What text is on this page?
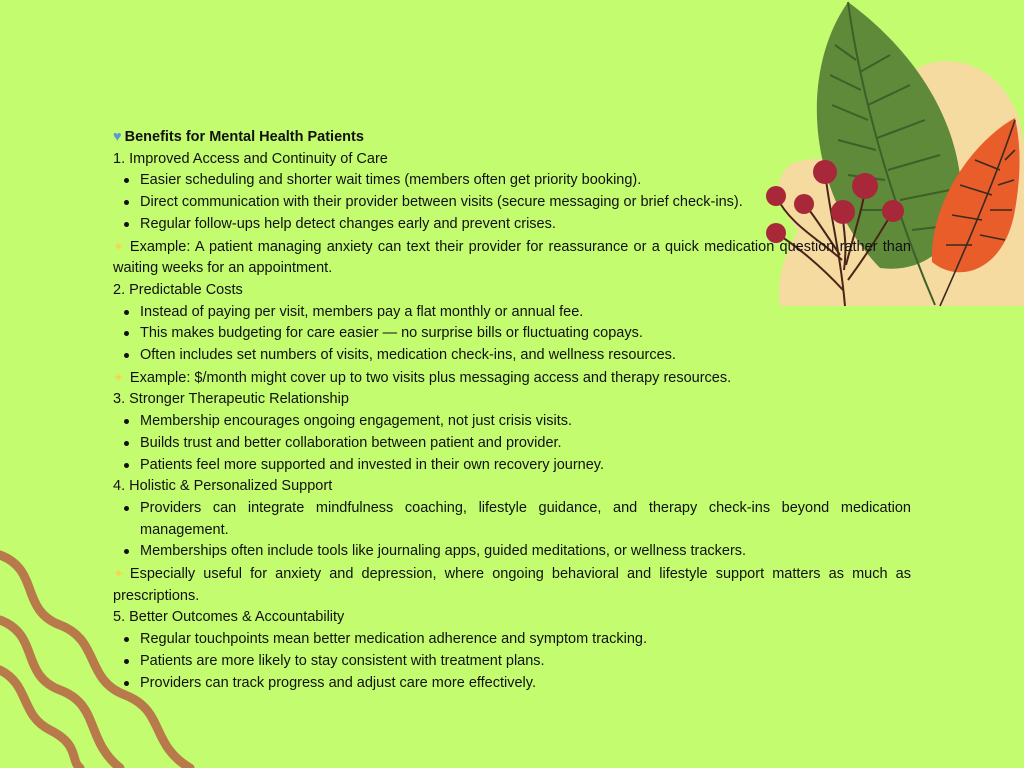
♥ Benefits for Mental Health Patients
1. Improved Access and Continuity of Care
Easier scheduling and shorter wait times (members often get priority booking).
Direct communication with their provider between visits (secure messaging or brief check-ins).
Regular follow-ups help detect changes early and prevent crises.
✦ Example: A patient managing anxiety can text their provider for reassurance or a quick medication question rather than waiting weeks for an appointment.
2. Predictable Costs
Instead of paying per visit, members pay a flat monthly or annual fee.
This makes budgeting for care easier — no surprise bills or fluctuating copays.
Often includes set numbers of visits, medication check-ins, and wellness resources.
✦ Example: $/month might cover up to two visits plus messaging access and therapy resources.
3. Stronger Therapeutic Relationship
Membership encourages ongoing engagement, not just crisis visits.
Builds trust and better collaboration between patient and provider.
Patients feel more supported and invested in their own recovery journey.
4. Holistic & Personalized Support
Providers can integrate mindfulness coaching, lifestyle guidance, and therapy check-ins beyond medication management.
Memberships often include tools like journaling apps, guided meditations, or wellness trackers.
✦ Especially useful for anxiety and depression, where ongoing behavioral and lifestyle support matters as much as prescriptions.
5. Better Outcomes & Accountability
Regular touchpoints mean better medication adherence and symptom tracking.
Patients are more likely to stay consistent with treatment plans.
Providers can track progress and adjust care more effectively.
